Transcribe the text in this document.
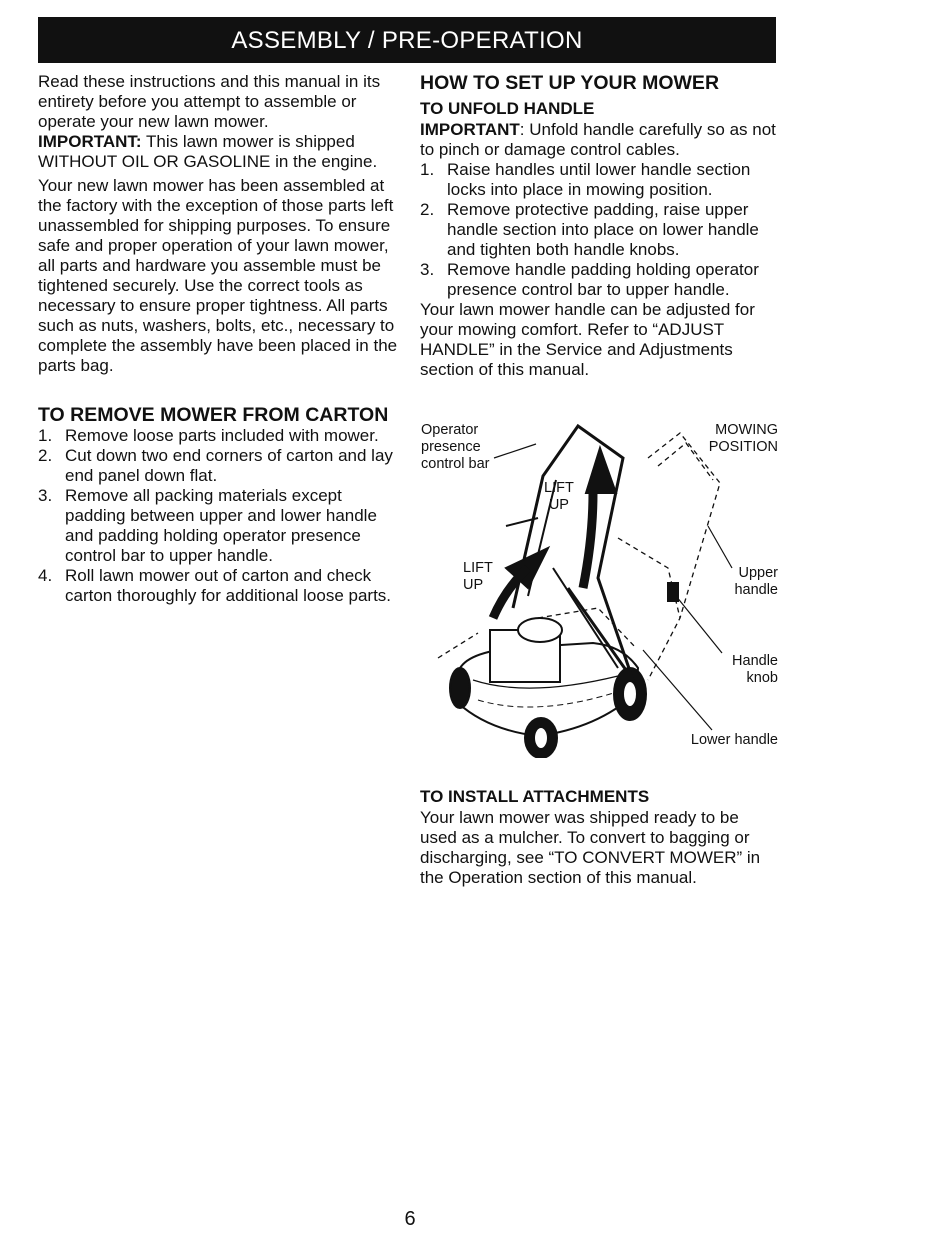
ASSEMBLY / PRE-OPERATION

Read these instructions and this manual in its entirety before you attempt to assemble or operate your new lawn mower.

IMPORTANT: This lawn mower is shipped WITHOUT OIL OR GASOLINE in the engine.

Your new lawn mower has been assembled at the factory with the exception of those parts left unassembled for shipping purposes. To ensure safe and proper operation of your lawn mower, all parts and hardware you assemble must be tightened securely. Use the correct tools as necessary to ensure proper tightness. All parts such as nuts, washers, bolts, etc., necessary to complete the assembly have been placed in the parts bag.

TO REMOVE MOWER FROM CARTON
1. Remove loose parts included with mower.
2. Cut down two end corners of carton and lay end panel down flat.
3. Remove all packing materials except padding between upper and lower handle and padding holding operator presence control bar to upper handle.
4. Roll lawn mower out of carton and check carton thoroughly for additional loose parts.
HOW TO SET UP YOUR MOWER
TO UNFOLD HANDLE

IMPORTANT: Unfold handle carefully so as not to pinch or damage control cables.

1. Raise handles until lower handle section locks into place in mowing position.
2. Remove protective padding, raise upper handle section into place on lower handle and tighten both handle knobs.
3. Remove handle padding holding operator presence control bar to upper handle.

Your lawn mower handle can be adjusted for your mowing comfort. Refer to “ADJUST HANDLE” in the Service and Adjustments section of this manual.

Operator
presence
control bar
MOWING
POSITION
LIFT
UP
LIFT
UP
Upper
handle
Handle
knob
Lower handle
TO INSTALL ATTACHMENTS

Your lawn mower was shipped ready to be used as a mulcher. To convert to bagging or discharging, see “TO CONVERT MOWER” in the Operation section of this manual.

6
